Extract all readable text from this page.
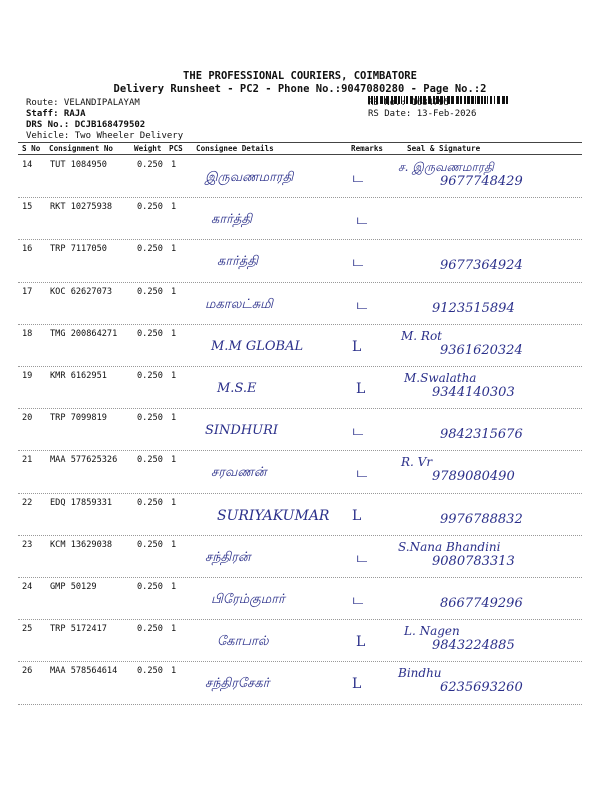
THE PROFESSIONAL COURIERS, COIMBATORE
Delivery Runsheet - PC2 - Phone No.:9047080280 - Page No.:2
Route: VELANDIPALAYAM
Staff: RAJA
DRS No.: DCJB168479502
Vehicle: Two Wheeler Delivery
RS No.: 1684795
RS Date: 13-Feb-2026
S No Consignment No	Weight PCS Consignee Details	Remarks	Seal & Signature
14 TUT 1084950	0.250 1
இருவணமாரதி	ட
ச. இருவணமாரதி
9677748429
15 RKT 10275938	0.250 1
கார்த்தி	ட
16 TRP 7117050	0.250 1
கார்த்தி	ட	9677364924
17 KOC 62627073	0.250 1
மகாலட்சுமி	ட	9123515894
18 TMG 200864271 0.250 1
M.M GLOBAL	L
M. Rot
9361620324
19 KMR 6162951	0.250 1
M.S.E	L
M.Swalatha
9344140303
20 TRP 7099819	0.250 1
SINDHURI	ட	9842315676
21 MAA 577625326 0.250 1
சரவணன்	ட
R. Vr
9789080490
22 EDQ 17859331	0.250 1
SURIYAKUMAR L	9976788832
23 KCM 13629038	0.250 1
சந்திரன்	ட
S.Nana Bhandini
9080783313
24 GMP 50129	0.250 1
பிரேம்குமார்	ட	8667749296
25 TRP 5172417	0.250 1
கோபால்	L
L. Nagen
9843224885
26 MAA 578564614 0.250 1
சந்திரசேகர்	L
Bindhu
6235693260
